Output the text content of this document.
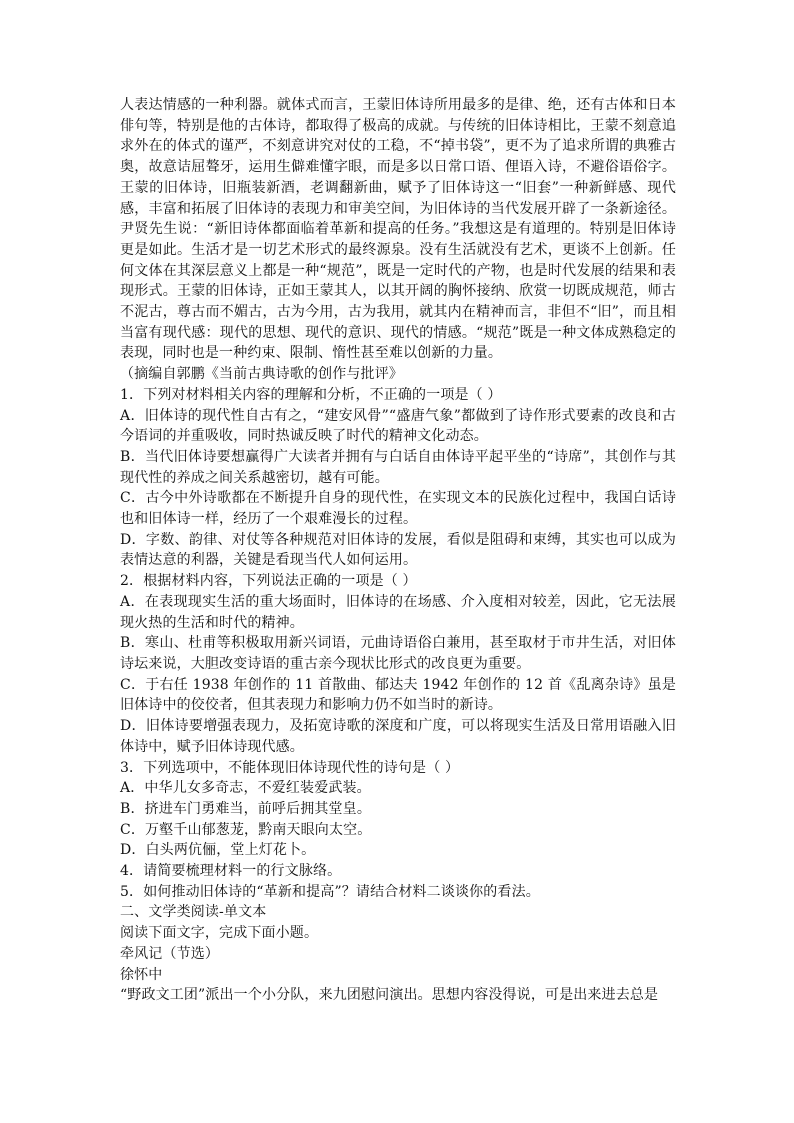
人表达情感的一种利器。就体式而言，王蒙旧体诗所用最多的是律、绝，还有古体和日本俳句等，特别是他的古体诗，都取得了极高的成就。与传统的旧体诗相比，王蒙不刻意追求外在的体式的谨严，不刻意讲究对仗的工稳，不“掉书袋”，更不为了追求所谓的典雅古奥，故意诘屈聱牙，运用生僻难懂字眼，而是多以日常口语、俚语入诗，不避俗语俗字。王蒙的旧体诗，旧瓶装新酒，老调翻新曲，赋予了旧体诗这一“旧套”一种新鲜感、现代感，丰富和拓展了旧体诗的表现力和审美空间，为旧体诗的当代发展开辟了一条新途径。尹贤先生说：“新旧诗体都面临着革新和提高的任务。”我想这是有道理的。特别是旧体诗更是如此。生活才是一切艺术形式的最终源泉。没有生活就没有艺术，更谈不上创新。任何文体在其深层意义上都是一种“规范”，既是一定时代的产物，也是时代发展的结果和表现形式。王蒙的旧体诗，正如王蒙其人，以其开阔的胸怀接纳、欣赏一切既成规范，师古不泥古，尊古而不媚古，古为今用，古为我用，就其内在精神而言，非但不“旧”，而且相当富有现代感：现代的思想、现代的意识、现代的情感。“规范”既是一种文体成熟稳定的表现，同时也是一种约束、限制、惰性甚至难以创新的力量。

（摘编自郭鹏《当前古典诗歌的创作与批评》

1．下列对材料相关内容的理解和分析，不正确的一项是（ ）

A．旧体诗的现代性自古有之，“建安风骨”“盛唐气象”都做到了诗作形式要素的改良和古今语词的并重吸收，同时热诚反映了时代的精神文化动态。

B．当代旧体诗要想赢得广大读者并拥有与白话自由体诗平起平坐的“诗席”，其创作与其现代性的养成之间关系越密切，越有可能。

C．古今中外诗歌都在不断提升自身的现代性，在实现文本的民族化过程中，我国白话诗也和旧体诗一样，经历了一个艰难漫长的过程。

D．字数、韵律、对仗等各种规范对旧体诗的发展，看似是阻碍和束缚，其实也可以成为表情达意的利器，关键是看现当代人如何运用。

2．根据材料内容，下列说法正确的一项是（ ）

A．在表现现实生活的重大场面时，旧体诗的在场感、介入度相对较差，因此，它无法展现火热的生活和时代的精神。

B．寒山、杜甫等积极取用新兴词语，元曲诗语俗白兼用，甚至取材于市井生活，对旧体诗坛来说，大胆改变诗语的重古亲今现状比形式的改良更为重要。

C．于右任 1938 年创作的 11 首散曲、郁达夫 1942 年创作的 12 首《乱离杂诗》虽是旧体诗中的佼佼者，但其表现力和影响力仍不如当时的新诗。

D．旧体诗要增强表现力，及拓宽诗歌的深度和广度，可以将现实生活及日常用语融入旧体诗中，赋予旧体诗现代感。

3．下列选项中，不能体现旧体诗现代性的诗句是（ ）

A．中华儿女多奇志，不爱红装爱武装。

B．挤进车门勇难当，前呼后拥其堂皇。

C．万壑千山郁葱茏，黔南天眼向太空。

D．白头两伉俪，堂上灯花卜。

4．请简要梳理材料一的行文脉络。

5．如何推动旧体诗的“革新和提高”？请结合材料二谈谈你的看法。

二、文学类阅读-单文本

阅读下面文字，完成下面小题。

牵风记（节选）

徐怀中

“野政文工团”派出一个小分队，来九团慰问演出。思想内容没得说，可是出来进去总是
